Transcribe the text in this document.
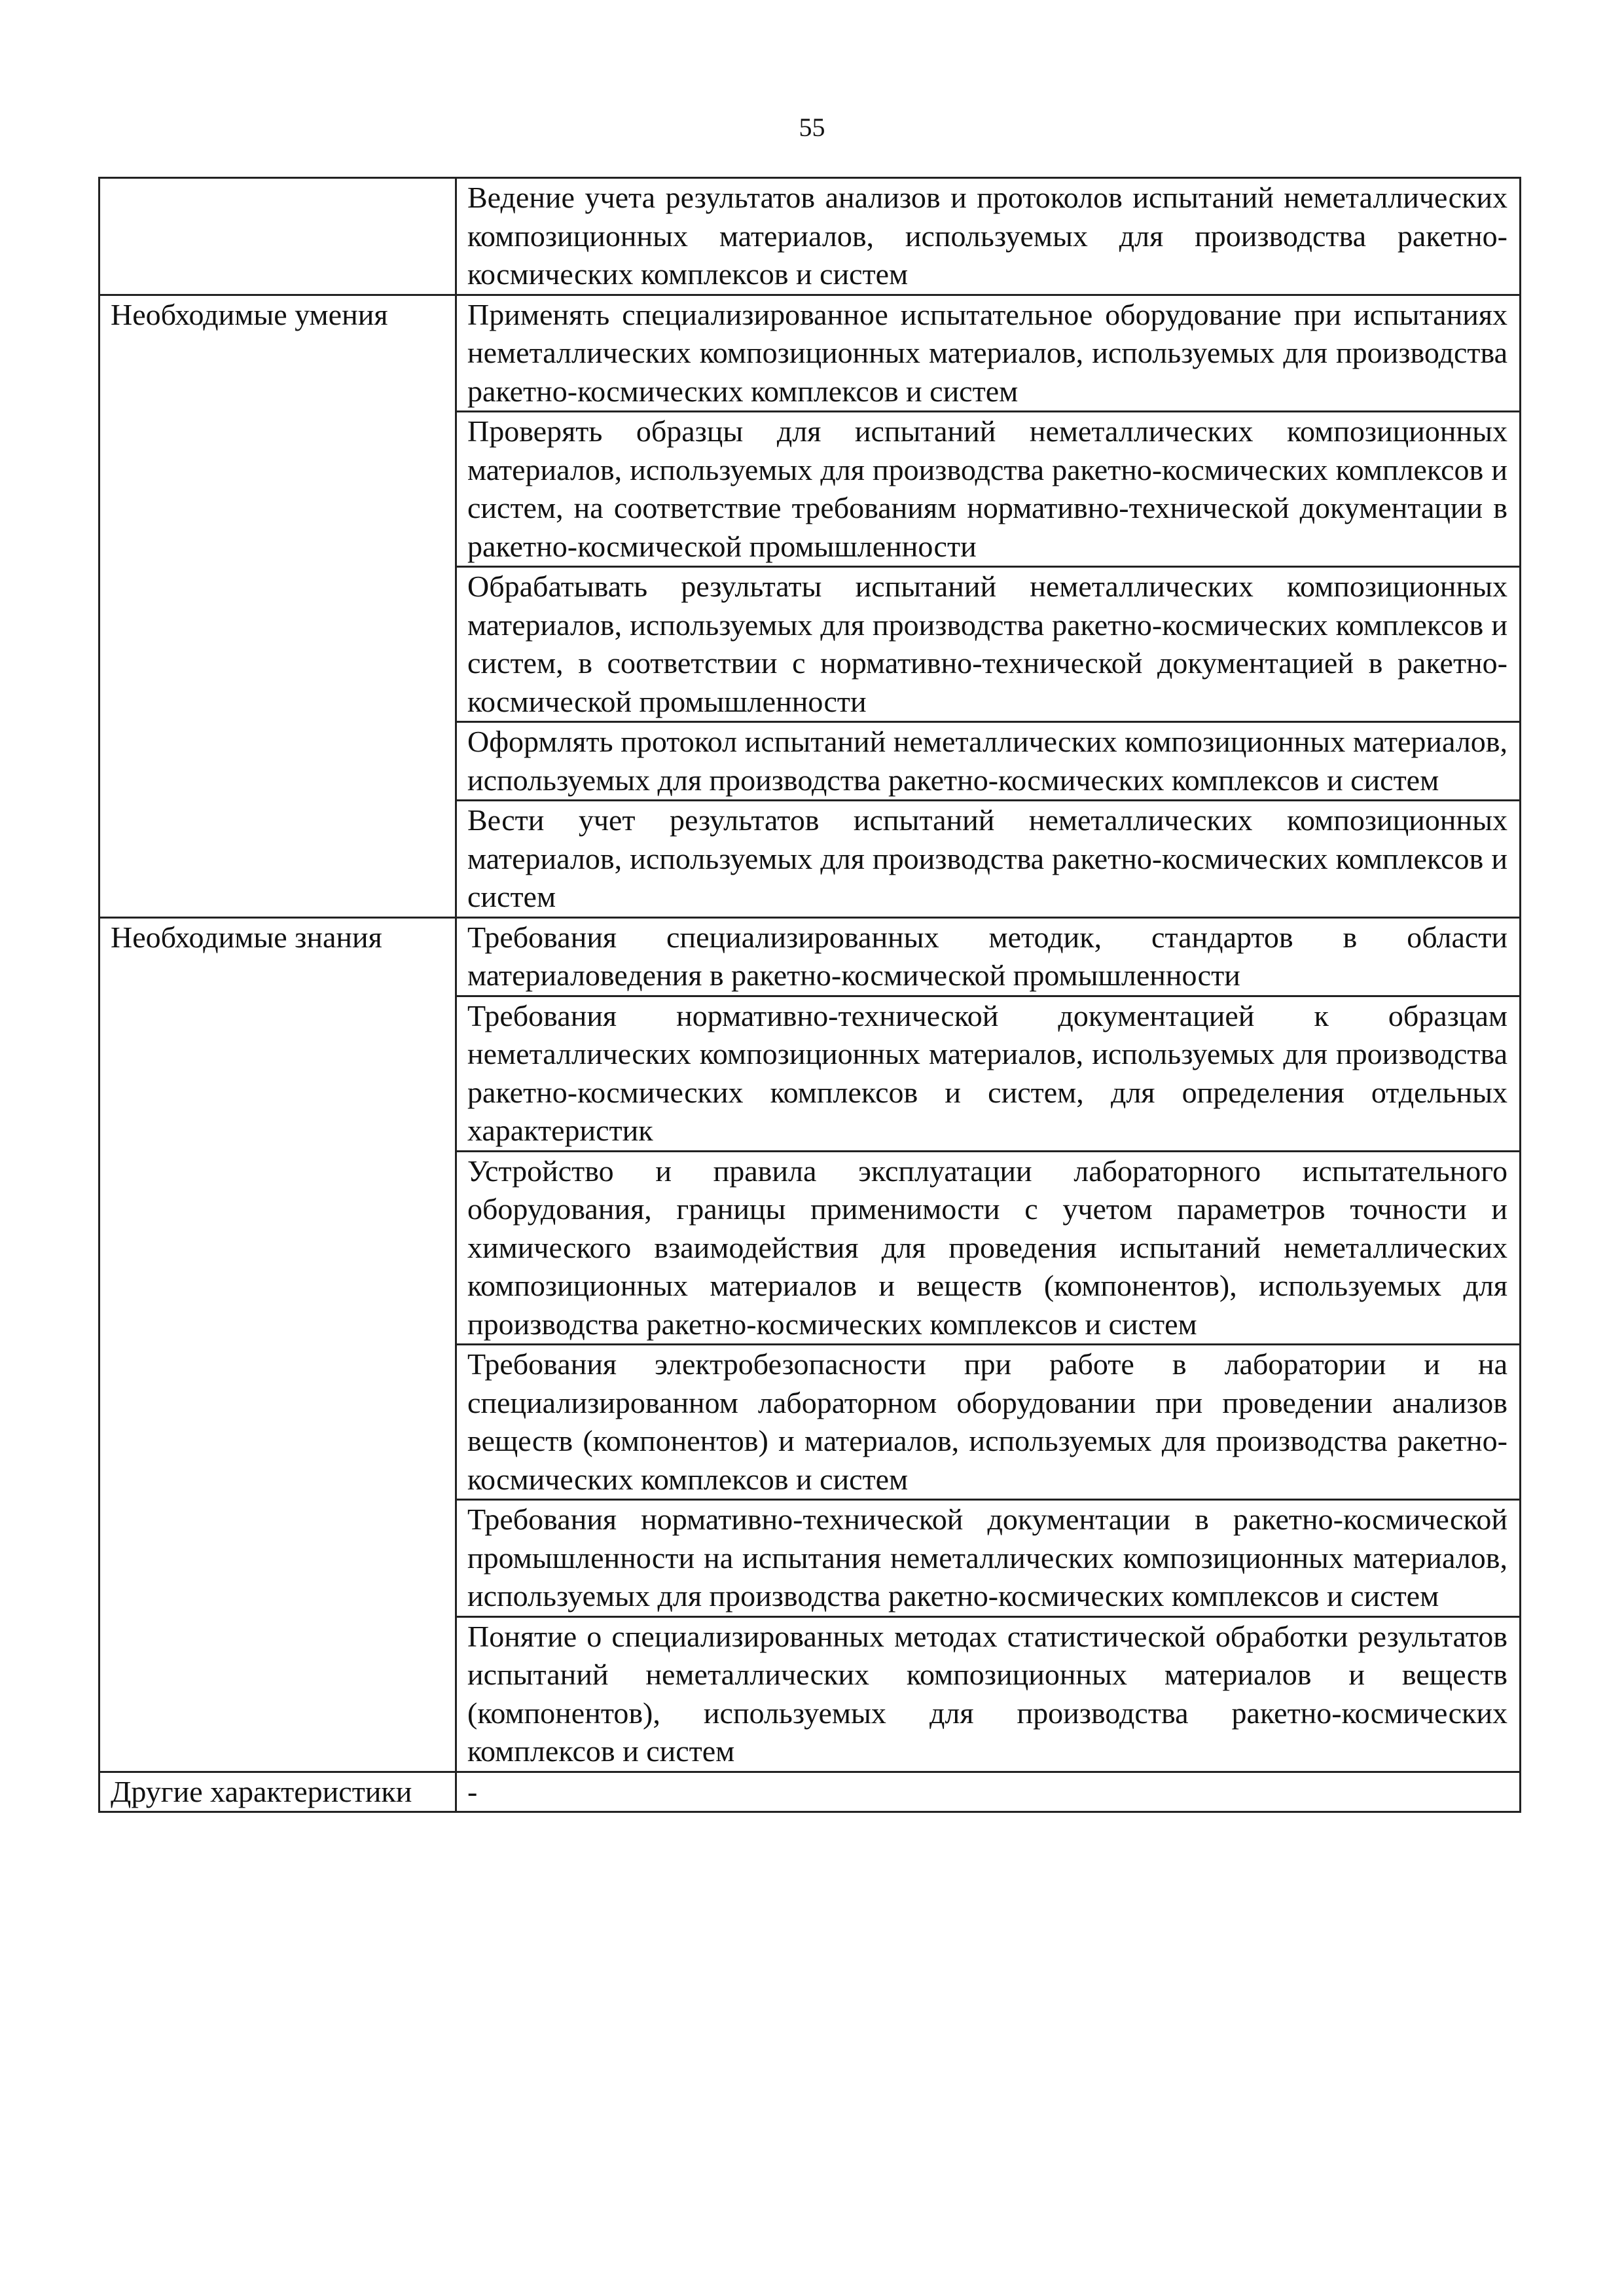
55

	Ведение учета результатов анализов и протоколов испытаний неметаллических композиционных материалов, используемых для производства ракетно-космических комплексов и систем

Необходимые умения	Применять специализированное испытательное оборудование при испытаниях неметаллических композиционных материалов, используемых для производства ракетно-космических комплексов и систем

	Проверять образцы для испытаний неметаллических композиционных материалов, используемых для производства ракетно-космических комплексов и систем, на соответствие требованиям нормативно-технической документации в ракетно-космической промышленности

	Обрабатывать результаты испытаний неметаллических композиционных материалов, используемых для производства ракетно-космических комплексов и систем, в соответствии с нормативно-технической документацией в ракетно-космической промышленности

	Оформлять протокол испытаний неметаллических композиционных материалов, используемых для производства ракетно-космических комплексов и систем

	Вести учет результатов испытаний неметаллических композиционных материалов, используемых для производства ракетно-космических комплексов и систем

Необходимые знания	Требования специализированных методик, стандартов в области материаловедения в ракетно-космической промышленности

	Требования нормативно-технической документацией к образцам неметаллических композиционных материалов, используемых для производства ракетно-космических комплексов и систем, для определения отдельных характеристик

	Устройство и правила эксплуатации лабораторного испытательного оборудования, границы применимости с учетом параметров точности и химического взаимодействия для проведения испытаний неметаллических композиционных материалов и веществ (компонентов), используемых для производства ракетно-космических комплексов и систем

	Требования электробезопасности при работе в лаборатории и на специализированном лабораторном оборудовании при проведении анализов веществ (компонентов) и материалов, используемых для производства ракетно-космических комплексов и систем

	Требования нормативно-технической документации в ракетно-космической промышленности на испытания неметаллических композиционных материалов, используемых для производства ракетно-космических комплексов и систем

	Понятие о специализированных методах статистической обработки результатов испытаний неметаллических композиционных материалов и веществ (компонентов), используемых для производства ракетно-космических комплексов и систем

Другие характеристики	-
